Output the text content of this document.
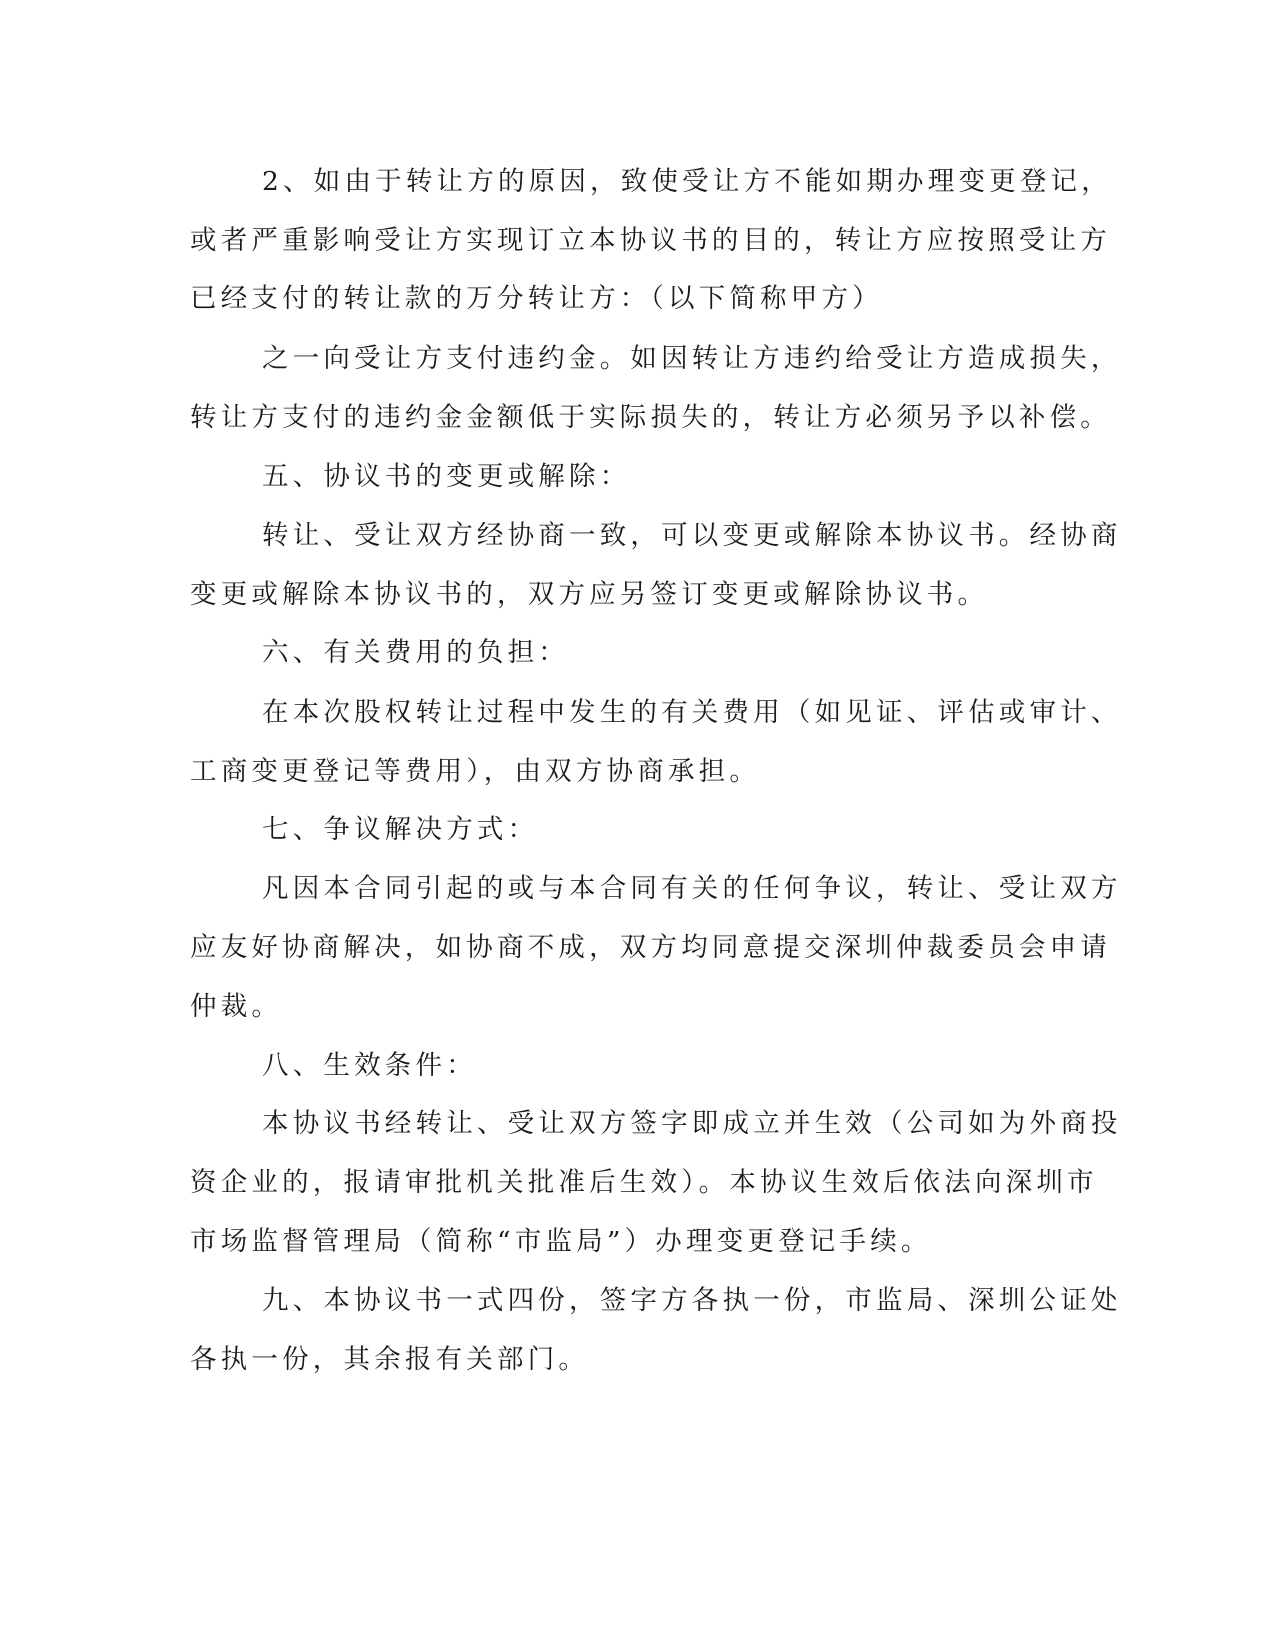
2、如由于转让方的原因，致使受让方不能如期办理变更登记，
或者严重影响受让方实现订立本协议书的目的，转让方应按照受让方
已经支付的转让款的万分转让方：（以下简称甲方）
之一向受让方支付违约金。如因转让方违约给受让方造成损失，
转让方支付的违约金金额低于实际损失的，转让方必须另予以补偿。
五、协议书的变更或解除：
转让、受让双方经协商一致，可以变更或解除本协议书。经协商
变更或解除本协议书的，双方应另签订变更或解除协议书。
六、有关费用的负担：
在本次股权转让过程中发生的有关费用（如见证、评估或审计、
工商变更登记等费用），由双方协商承担。
七、争议解决方式：
凡因本合同引起的或与本合同有关的任何争议，转让、受让双方
应友好协商解决，如协商不成，双方均同意提交深圳仲裁委员会申请
仲裁。
八、生效条件：
本协议书经转让、受让双方签字即成立并生效（公司如为外商投
资企业的，报请审批机关批准后生效）。本协议生效后依法向深圳市
市场监督管理局（简称“市监局”）办理变更登记手续。
九、本协议书一式四份，签字方各执一份，市监局、深圳公证处
各执一份，其余报有关部门。
